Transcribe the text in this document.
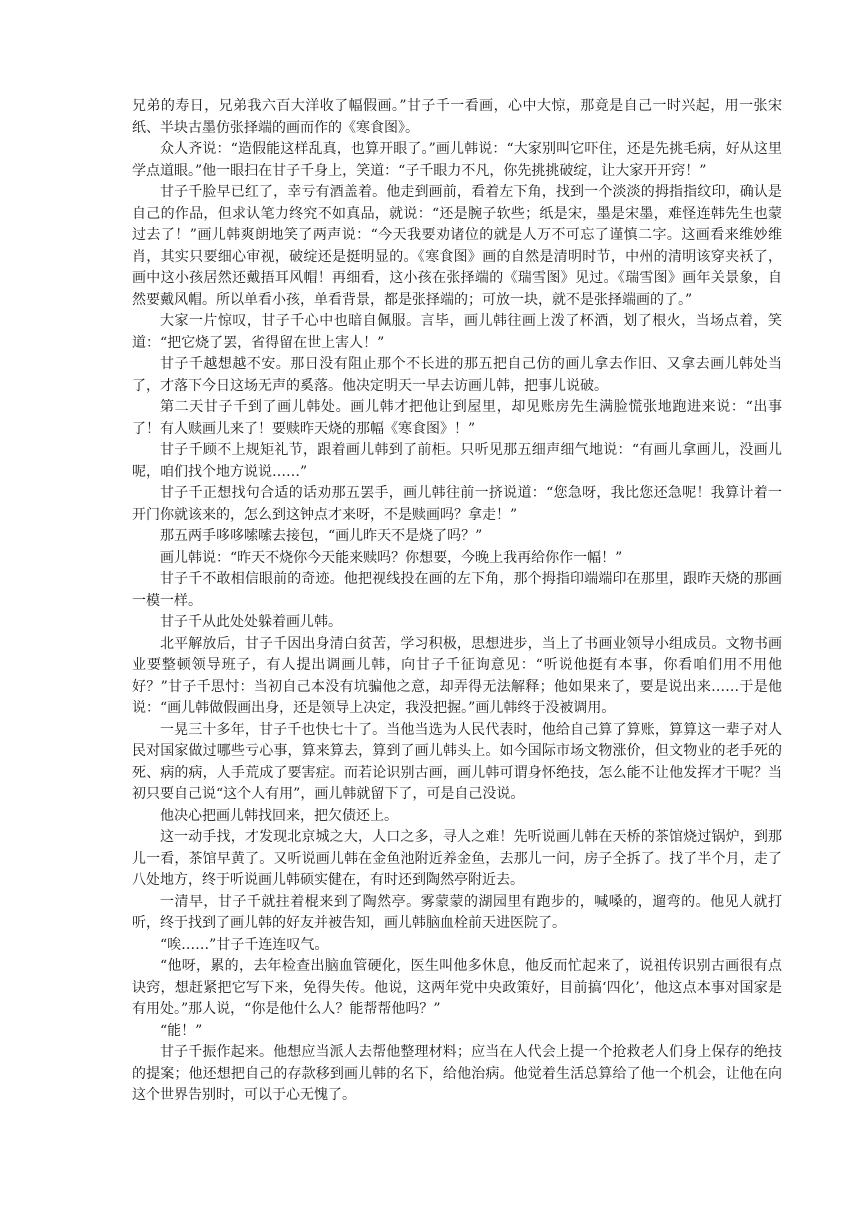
兄弟的寿日，兄弟我六百大洋收了幅假画。”甘子千一看画，心中大惊，那竟是自己一时兴起，用一张宋纸、半块古墨仿张择端的画而作的《寒食图》。

众人齐说：“造假能这样乱真，也算开眼了。”画儿韩说：“大家别叫它吓住，还是先挑毛病，好从这里学点道眼。”他一眼扫在甘子千身上，笑道：“子千眼力不凡，你先挑挑破绽，让大家开开窍！”

甘子千脸早已红了，幸亏有酒盖着。他走到画前，看着左下角，找到一个淡淡的拇指指纹印，确认是自己的作品，但求认笔力终究不如真品，就说：“还是腕子软些；纸是宋，墨是宋墨，难怪连韩先生也蒙过去了！”画儿韩爽朗地笑了两声说：“今天我要劝诸位的就是人万不可忘了谨慎二字。这画看来维妙维肖，其实只要细心审视，破绽还是挺明显的。《寒食图》画的自然是清明时节，中州的清明该穿夹袄了，画中这小孩居然还戴捂耳风帽！再细看，这小孩在张择端的《瑞雪图》见过。《瑞雪图》画年关景象，自然要戴风帽。所以单看小孩，单看背景，都是张择端的；可放一块，就不是张择端画的了。”

大家一片惊叹，甘子千心中也暗自佩服。言毕，画儿韩往画上泼了杯酒，划了根火，当场点着，笑道：“把它烧了罢，省得留在世上害人！”

甘子千越想越不安。那日没有阻止那个不长进的那五把自己仿的画儿拿去作旧、又拿去画儿韩处当了，才落下今日这场无声的奚落。他决定明天一早去访画儿韩，把事儿说破。

第二天甘子千到了画儿韩处。画儿韩才把他让到屋里，却见账房先生满脸慌张地跑进来说：“出事了！有人赎画儿来了！要赎昨天烧的那幅《寒食图》！”

甘子千顾不上规矩礼节，跟着画儿韩到了前柜。只听见那五细声细气地说：“有画儿拿画儿，没画儿呢，咱们找个地方说说……”

甘子千正想找句合适的话劝那五罢手，画儿韩往前一挤说道：“您急呀，我比您还急呢！我算计着一开门你就该来的，怎么到这钟点才来呀，不是赎画吗？拿走！”

那五两手哆哆嗦嗦去接包，“画儿昨天不是烧了吗？”

画儿韩说：“昨天不烧你今天能来赎吗？你想要，今晚上我再给你作一幅！”

甘子千不敢相信眼前的奇迹。他把视线投在画的左下角，那个拇指印端端印在那里，跟昨天烧的那画一模一样。

甘子千从此处处躲着画儿韩。

北平解放后，甘子千因出身清白贫苦，学习积极，思想进步，当上了书画业领导小组成员。文物书画业要整顿领导班子，有人提出调画儿韩，向甘子千征询意见：“听说他挺有本事，你看咱们用不用他好？”甘子千思忖：当初自己本没有坑骗他之意，却弄得无法解释；他如果来了，要是说出来……于是他说：“画儿韩做假画出身，还是领导上决定，我没把握。”画儿韩终于没被调用。

一晃三十多年，甘子千也快七十了。当他当选为人民代表时，他给自己算了算账，算算这一辈子对人民对国家做过哪些亏心事，算来算去，算到了画儿韩头上。如今国际市场文物涨价，但文物业的老手死的死、病的病，人手荒成了要害症。而若论识别古画，画儿韩可谓身怀绝技，怎么能不让他发挥才干呢？当初只要自己说“这个人有用”，画儿韩就留下了，可是自己没说。

他决心把画儿韩找回来，把欠债还上。

这一动手找，才发现北京城之大，人口之多，寻人之难！先听说画儿韩在天桥的茶馆烧过锅炉，到那儿一看，茶馆早黄了。又听说画儿韩在金鱼池附近养金鱼，去那儿一问，房子全拆了。找了半个月，走了八处地方，终于听说画儿韩硕实健在，有时还到陶然亭附近去。

一清早，甘子千就拄着棍来到了陶然亭。雾蒙蒙的湖园里有跑步的，喊嗓的，遛弯的。他见人就打听，终于找到了画儿韩的好友并被告知，画儿韩脑血栓前天进医院了。

“唉……”甘子千连连叹气。

“他呀，累的，去年检查出脑血管硬化，医生叫他多休息，他反而忙起来了，说祖传识别古画很有点诀窍，想赶紧把它写下来，免得失传。他说，这两年党中央政策好，目前搞‘四化’，他这点本事对国家是有用处。”那人说，“你是他什么人？能帮帮他吗？”

“能！”

甘子千振作起来。他想应当派人去帮他整理材料；应当在人代会上提一个抢救老人们身上保存的绝技的提案；他还想把自己的存款移到画儿韩的名下，给他治病。他觉着生活总算给了他一个机会，让他在向这个世界告别时，可以于心无愧了。
